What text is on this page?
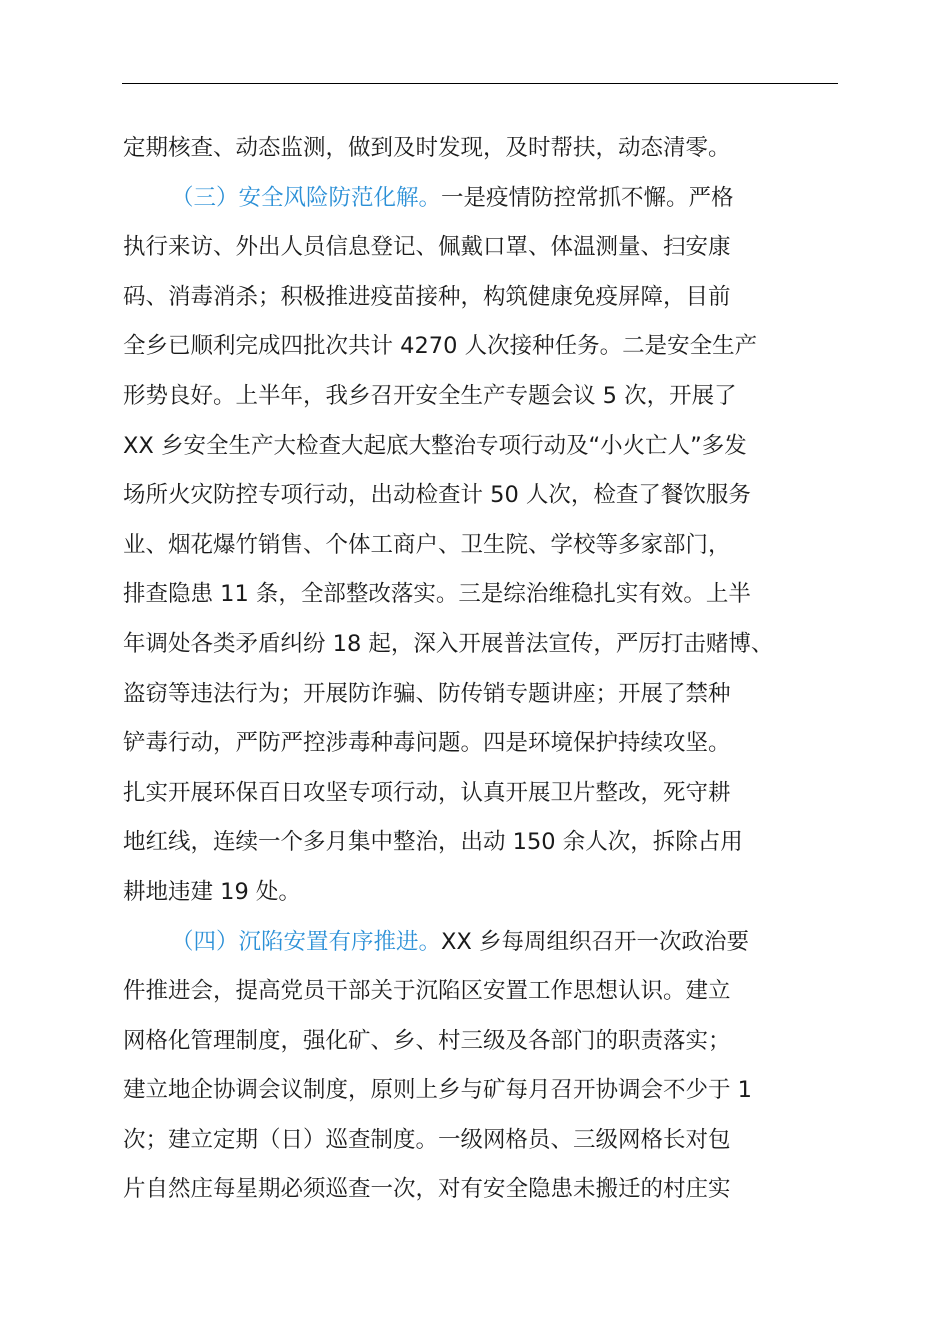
定期核查、动态监测，做到及时发现，及时帮扶，动态清零。
（三）安全风险防范化解。一是疫情防控常抓不懈。严格
执行来访、外出人员信息登记、佩戴口罩、体温测量、扫安康
码、消毒消杀；积极推进疫苗接种，构筑健康免疫屏障，目前
全乡已顺利完成四批次共计 4270 人次接种任务。二是安全生产
形势良好。上半年，我乡召开安全生产专题会议 5 次，开展了
XX 乡安全生产大检查大起底大整治专项行动及“小火亡人”多发
场所火灾防控专项行动，出动检查计 50 人次，检查了餐饮服务
业、烟花爆竹销售、个体工商户、卫生院、学校等多家部门，
排查隐患 11 条，全部整改落实。三是综治维稳扎实有效。上半
年调处各类矛盾纠纷 18 起，深入开展普法宣传，严厉打击赌博、
盗窃等违法行为；开展防诈骗、防传销专题讲座；开展了禁种
铲毒行动，严防严控涉毒种毒问题。四是环境保护持续攻坚。
扎实开展环保百日攻坚专项行动，认真开展卫片整改，死守耕
地红线，连续一个多月集中整治，出动 150 余人次，拆除占用
耕地违建 19 处。
（四）沉陷安置有序推进。XX 乡每周组织召开一次政治要
件推进会，提高党员干部关于沉陷区安置工作思想认识。建立
网格化管理制度，强化矿、乡、村三级及各部门的职责落实；
建立地企协调会议制度，原则上乡与矿每月召开协调会不少于 1
次；建立定期（日）巡查制度。一级网格员、三级网格长对包
片自然庄每星期必须巡查一次，对有安全隐患未搬迁的村庄实
